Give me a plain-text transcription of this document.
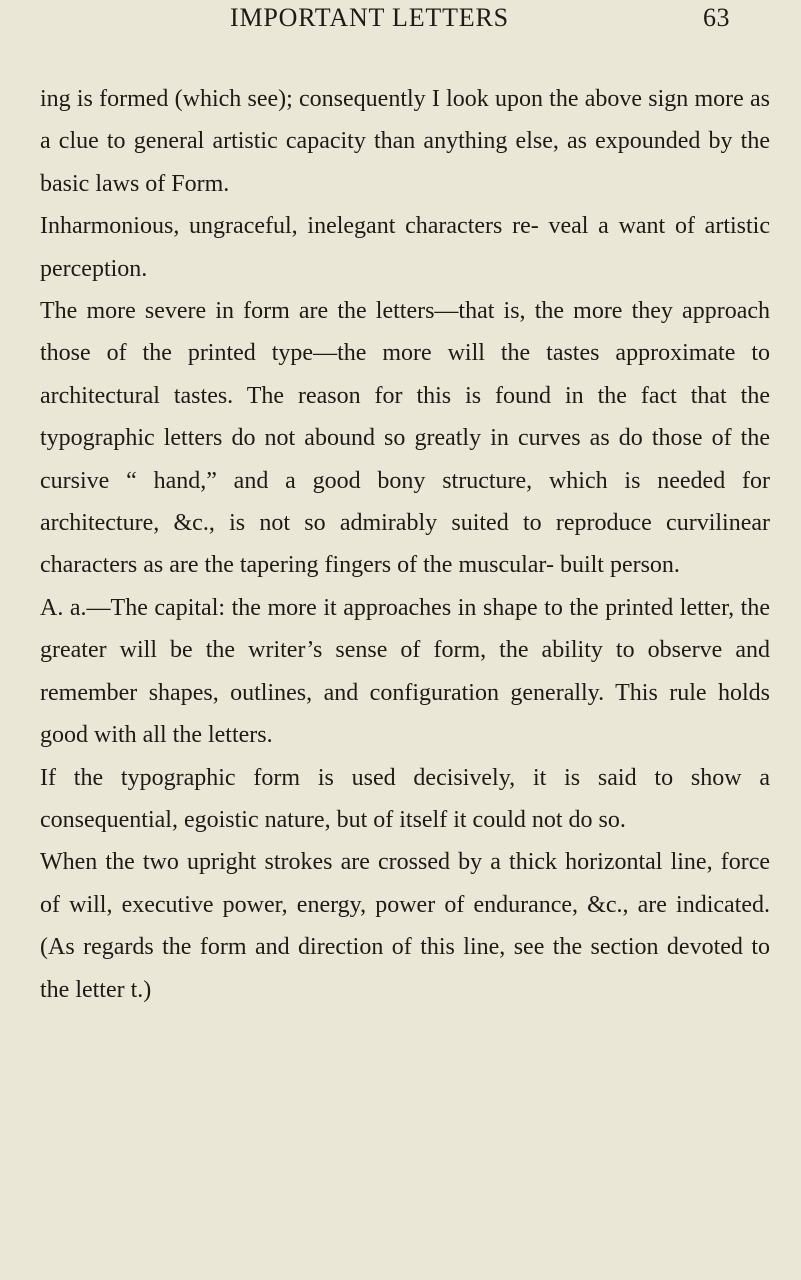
IMPORTANT LETTERS	63
ing is formed (which see); consequently I look upon the above sign more as a clue to general artistic capacity than anything else, as expounded by the basic laws of Form.
Inharmonious, ungraceful, inelegant characters re- veal a want of artistic perception.
The more severe in form are the letters—that is, the more they approach those of the printed type—the more will the tastes approximate to architectural tastes. The reason for this is found in the fact that the typographic letters do not abound so greatly in curves as do those of the cursive “ hand,” and a good bony structure, which is needed for architecture, &c., is not so admirably suited to reproduce curvilinear characters as are the tapering fingers of the muscular- built person.
A. a.—The capital: the more it approaches in shape to the printed letter, the greater will be the writer’s sense of form, the ability to observe and remember shapes, outlines, and configuration generally. This rule holds good with all the letters.
If the typographic form is used decisively, it is said to show a consequential, egoistic nature, but of itself it could not do so.
When the two upright strokes are crossed by a thick horizontal line, force of will, executive power, energy, power of endurance, &c., are indicated. (As regards the form and direction of this line, see the section devoted to the letter t.)
